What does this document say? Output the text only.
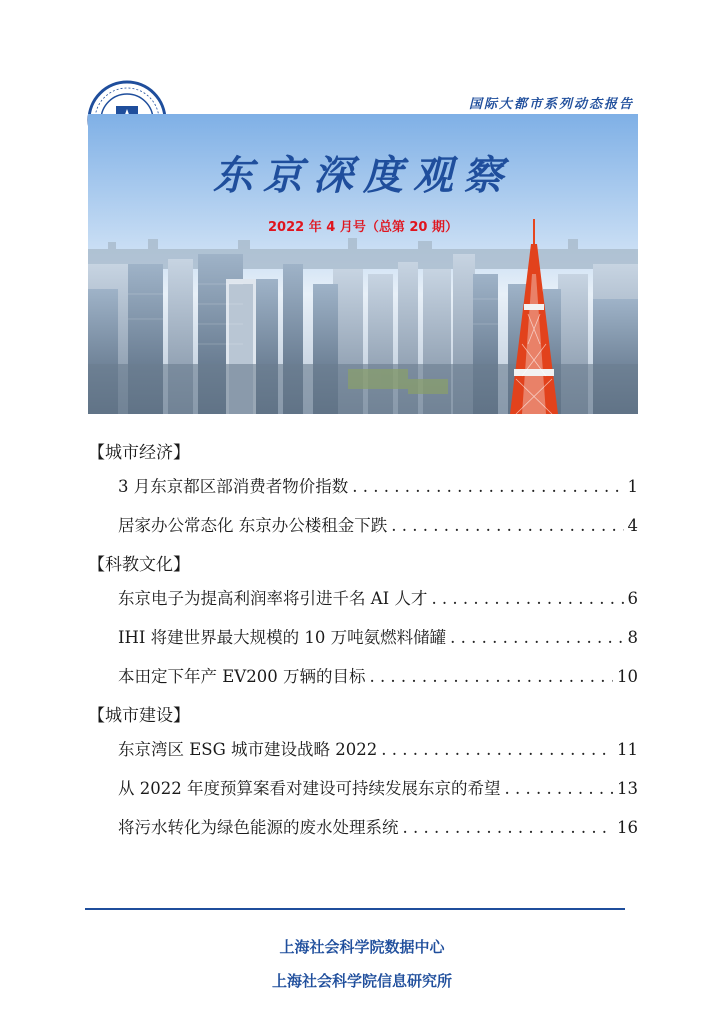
国际大都市系列动态报告
东京深度观察
2022 年 4 月号（总第 20 期）
【城市经济】
3 月东京都区部消费者物价指数 . . .	1
居家办公常态化 东京办公楼租金下跌 . . .	4
【科教文化】
东京电子为提高利润率将引进千名 AI 人才 . . .	6
IHI 将建世界最大规模的 10 万吨氨燃料储罐 . . .	8
本田定下年产 EV200 万辆的目标 . . .	10
【城市建设】
东京湾区 ESG 城市建设战略 2022 . . .	11
从 2022 年度预算案看对建设可持续发展东京的希望 . . .	13
将污水转化为绿色能源的废水处理系统 . . .	16
上海社会科学院数据中心
上海社会科学院信息研究所
